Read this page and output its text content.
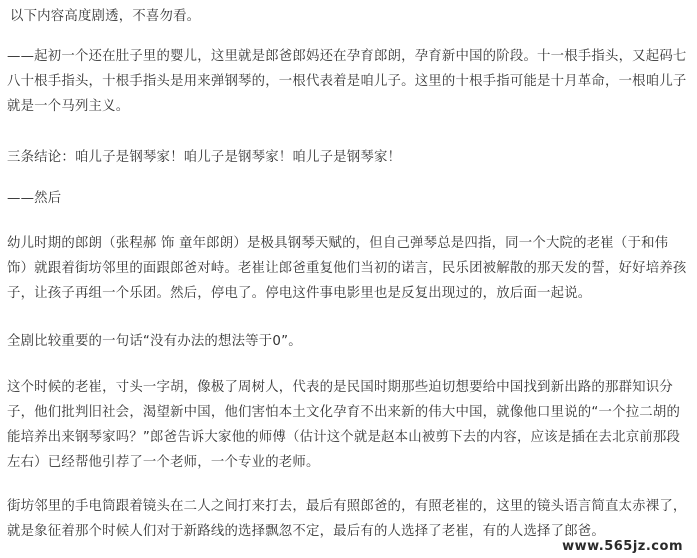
以下内容高度剧透，不喜勿看。

——起初一个还在肚子里的婴儿，这里就是郎爸郎妈还在孕育郎朗，孕育新中国的阶段。十一根手指头，又起码七八十根手指头，十根手指头是用来弹钢琴的，一根代表着是咱儿子。这里的十根手指可能是十月革命，一根咱儿子就是一个马列主义。

三条结论：咱儿子是钢琴家！咱儿子是钢琴家！咱儿子是钢琴家！

——然后

幼儿时期的郎朗（张程郝 饰 童年郎朗）是极具钢琴天赋的，但自己弹琴总是四指，同一个大院的老崔（于和伟 饰）就跟着街坊邻里的面跟郎爸对峙。老崔让郎爸重复他们当初的诺言，民乐团被解散的那天发的誓，好好培养孩子，让孩子再组一个乐团。然后，停电了。停电这件事电影里也是反复出现过的，放后面一起说。

全剧比较重要的一句话“没有办法的想法等于0”。

这个时候的老崔，寸头一字胡，像极了周树人，代表的是民国时期那些迫切想要给中国找到新出路的那群知识分子，他们批判旧社会，渴望新中国，他们害怕本土文化孕育不出来新的伟大中国，就像他口里说的“一个拉二胡的能培养出来钢琴家吗？”郎爸告诉大家他的师傅（估计这个就是赵本山被剪下去的内容，应该是插在去北京前那段左右）已经帮他引荐了一个老师，一个专业的老师。

街坊邻里的手电筒跟着镜头在二人之间打来打去，最后有照郎爸的，有照老崔的，这里的镜头语言简直太赤裸了，就是象征着那个时候人们对于新路线的选择飘忽不定，最后有的人选择了老崔，有的人选择了郎爸。

www.565jz.com
